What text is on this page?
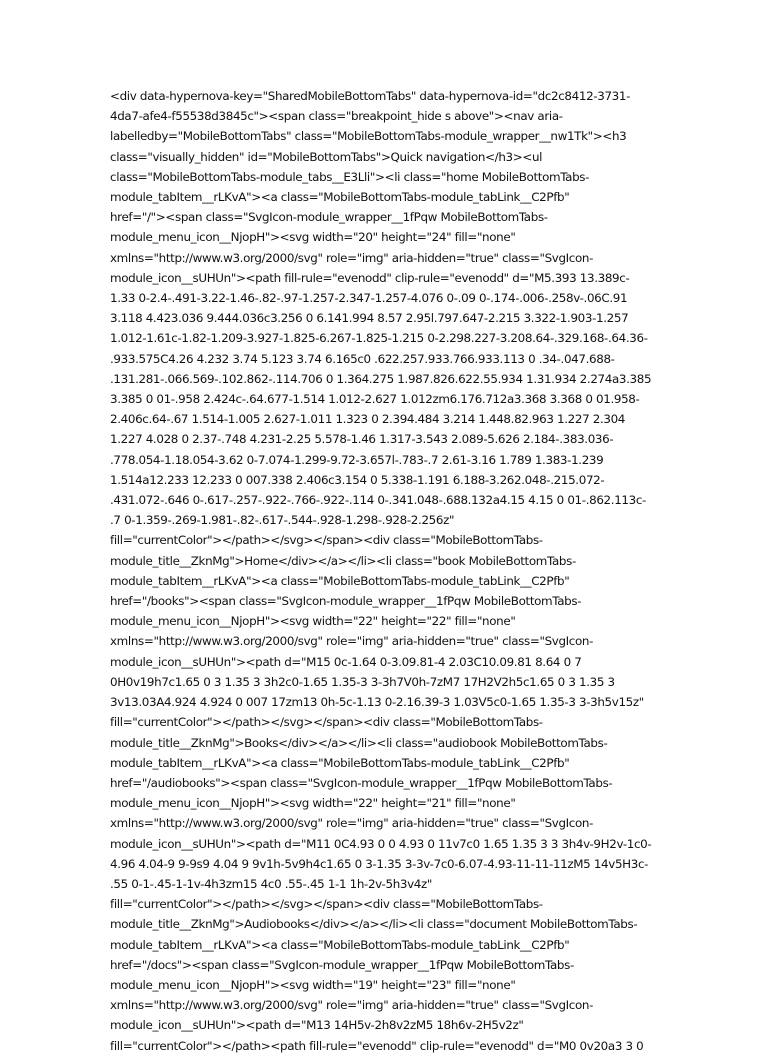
<div data-hypernova-key="SharedMobileBottomTabs" data-hypernova-id="dc2c8412-3731-
4da7-afe4-f55538d3845c"><span class="breakpoint_hide s above"><nav aria-
labelledby="MobileBottomTabs" class="MobileBottomTabs-module_wrapper__nw1Tk"><h3
class="visually_hidden" id="MobileBottomTabs">Quick navigation</h3><ul
class="MobileBottomTabs-module_tabs__E3Lli"><li class="home MobileBottomTabs-
module_tabItem__rLKvA"><a class="MobileBottomTabs-module_tabLink__C2Pfb"
href="/"><span class="SvgIcon-module_wrapper__1fPqw MobileBottomTabs-
module_menu_icon__NjopH"><svg width="20" height="24" fill="none"
xmlns="http://www.w3.org/2000/svg" role="img" aria-hidden="true" class="SvgIcon-
module_icon__sUHUn"><path fill-rule="evenodd" clip-rule="evenodd" d="M5.393 13.389c-
1.33 0-2.4-.491-3.22-1.46-.82-.97-1.257-2.347-1.257-4.076 0-.09 0-.174-.006-.258v-.06C.91
3.118 4.423.036 9.444.036c3.256 0 6.141.994 8.57 2.95l.797.647-2.215 3.322-1.903-1.257
1.012-1.61c-1.82-1.209-3.927-1.825-6.267-1.825-1.215 0-2.298.227-3.208.64-.329.168-.64.36-
.933.575C4.26 4.232 3.74 5.123 3.74 6.165c0 .622.257.933.766.933.113 0 .34-.047.688-
.131.281-.066.569-.102.862-.114.706 0 1.364.275 1.987.826.622.55.934 1.31.934 2.274a3.385
3.385 0 01-.958 2.424c-.64.677-1.514 1.012-2.627 1.012zm6.176.712a3.368 3.368 0 01.958-
2.406c.64-.67 1.514-1.005 2.627-1.011 1.323 0 2.394.484 3.214 1.448.82.963 1.227 2.304
1.227 4.028 0 2.37-.748 4.231-2.25 5.578-1.46 1.317-3.543 2.089-5.626 2.184-.383.036-
.778.054-1.18.054-3.62 0-7.074-1.299-9.72-3.657l-.783-.7 2.61-3.16 1.789 1.383-1.239
1.514a12.233 12.233 0 007.338 2.406c3.154 0 5.338-1.191 6.188-3.262.048-.215.072-
.431.072-.646 0-.617-.257-.922-.766-.922-.114 0-.341.048-.688.132a4.15 4.15 0 01-.862.113c-
.7 0-1.359-.269-1.981-.82-.617-.544-.928-1.298-.928-2.256z"
fill="currentColor"></path></svg></span><div class="MobileBottomTabs-
module_title__ZknMg">Home</div></a></li><li class="book MobileBottomTabs-
module_tabItem__rLKvA"><a class="MobileBottomTabs-module_tabLink__C2Pfb"
href="/books"><span class="SvgIcon-module_wrapper__1fPqw MobileBottomTabs-
module_menu_icon__NjopH"><svg width="22" height="22" fill="none"
xmlns="http://www.w3.org/2000/svg" role="img" aria-hidden="true" class="SvgIcon-
module_icon__sUHUn"><path d="M15 0c-1.64 0-3.09.81-4 2.03C10.09.81 8.64 0 7
0H0v19h7c1.65 0 3 1.35 3 3h2c0-1.65 1.35-3 3-3h7V0h-7zM7 17H2V2h5c1.65 0 3 1.35 3
3v13.03A4.924 4.924 0 007 17zm13 0h-5c-1.13 0-2.16.39-3 1.03V5c0-1.65 1.35-3 3-3h5v15z"
fill="currentColor"></path></svg></span><div class="MobileBottomTabs-
module_title__ZknMg">Books</div></a></li><li class="audiobook MobileBottomTabs-
module_tabItem__rLKvA"><a class="MobileBottomTabs-module_tabLink__C2Pfb"
href="/audiobooks"><span class="SvgIcon-module_wrapper__1fPqw MobileBottomTabs-
module_menu_icon__NjopH"><svg width="22" height="21" fill="none"
xmlns="http://www.w3.org/2000/svg" role="img" aria-hidden="true" class="SvgIcon-
module_icon__sUHUn"><path d="M11 0C4.93 0 0 4.93 0 11v7c0 1.65 1.35 3 3 3h4v-9H2v-1c0-
4.96 4.04-9 9-9s9 4.04 9 9v1h-5v9h4c1.65 0 3-1.35 3-3v-7c0-6.07-4.93-11-11-11zM5 14v5H3c-
.55 0-1-.45-1-1v-4h3zm15 4c0 .55-.45 1-1 1h-2v-5h3v4z"
fill="currentColor"></path></svg></span><div class="MobileBottomTabs-
module_title__ZknMg">Audiobooks</div></a></li><li class="document MobileBottomTabs-
module_tabItem__rLKvA"><a class="MobileBottomTabs-module_tabLink__C2Pfb"
href="/docs"><span class="SvgIcon-module_wrapper__1fPqw MobileBottomTabs-
module_menu_icon__NjopH"><svg width="19" height="23" fill="none"
xmlns="http://www.w3.org/2000/svg" role="img" aria-hidden="true" class="SvgIcon-
module_icon__sUHUn"><path d="M13 14H5v-2h8v2zM5 18h6v-2H5v2z"
fill="currentColor"></path><path fill-rule="evenodd" clip-rule="evenodd" d="M0 0v20a3 3 0
